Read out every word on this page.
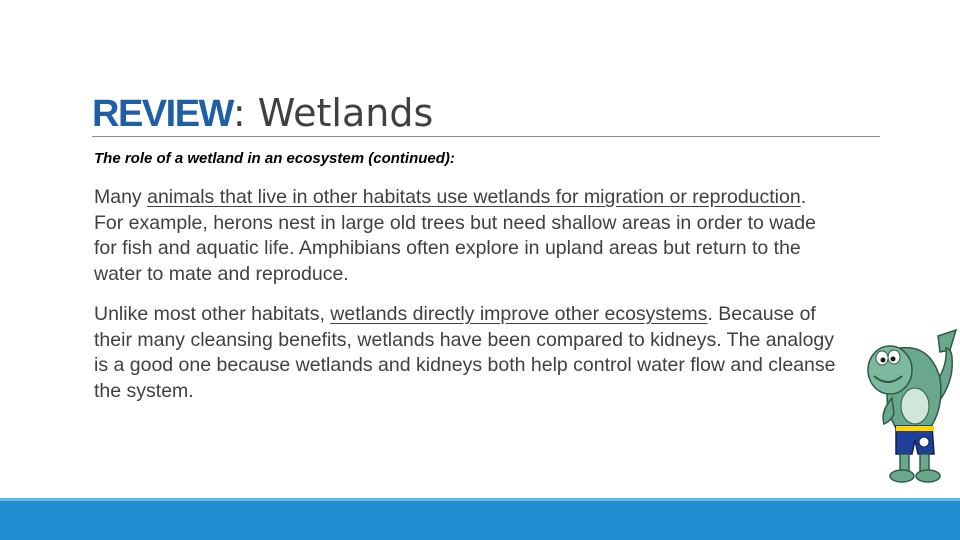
REVIEW: Wetlands

The role of a wetland in an ecosystem (continued):

Many animals that live in other habitats use wetlands for migration or reproduction. For example, herons nest in large old trees but need shallow areas in order to wade for fish and aquatic life. Amphibians often explore in upland areas but return to the water to mate and reproduce.

Unlike most other habitats, wetlands directly improve other ecosystems. Because of their many cleansing benefits, wetlands have been compared to kidneys. The analogy is a good one because wetlands and kidneys both help control water flow and cleanse the system.
